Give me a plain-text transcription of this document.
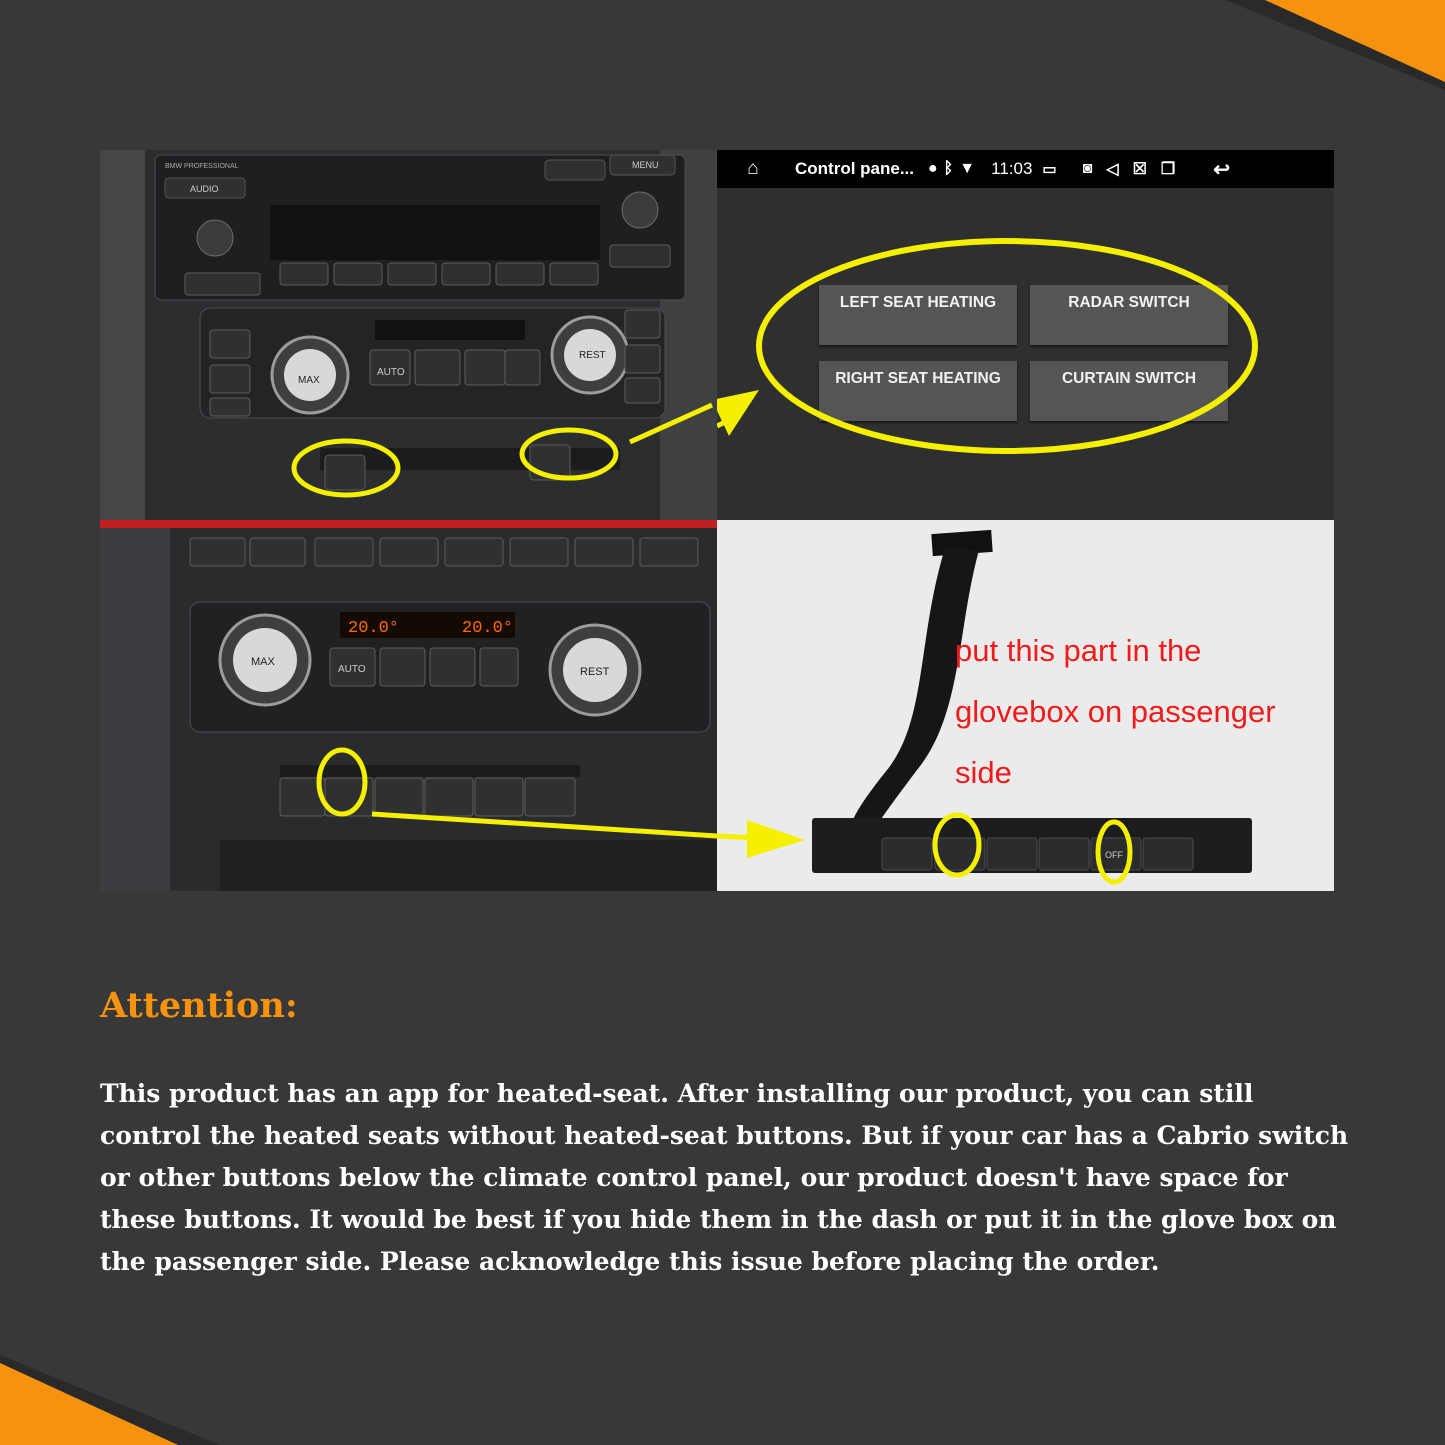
BMW PROFESSIONAL
AUDIO
MENU
MAX
REST
AUTO
⌂	Control pane... ● ᛒ ▼ 11:03 ▭ ◙ ◁ ☒ ❐ ↩
LEFT SEAT HEATING	RADAR SWITCH
RIGHT SEAT HEATING	CURTAIN SWITCH
20.0°	20.0°
MAX
REST
AUTO
OFF
put this part in the glovebox on passenger side
Attention:
This product has an app for heated-seat. After installing our product, you can still control the heated seats without heated-seat buttons. But if your car has a Cabrio switch or other buttons below the climate control panel, our product doesn't have space for these buttons. It would be best if you hide them in the dash or put it in the glove box on the passenger side. Please acknowledge this issue before placing the order.
